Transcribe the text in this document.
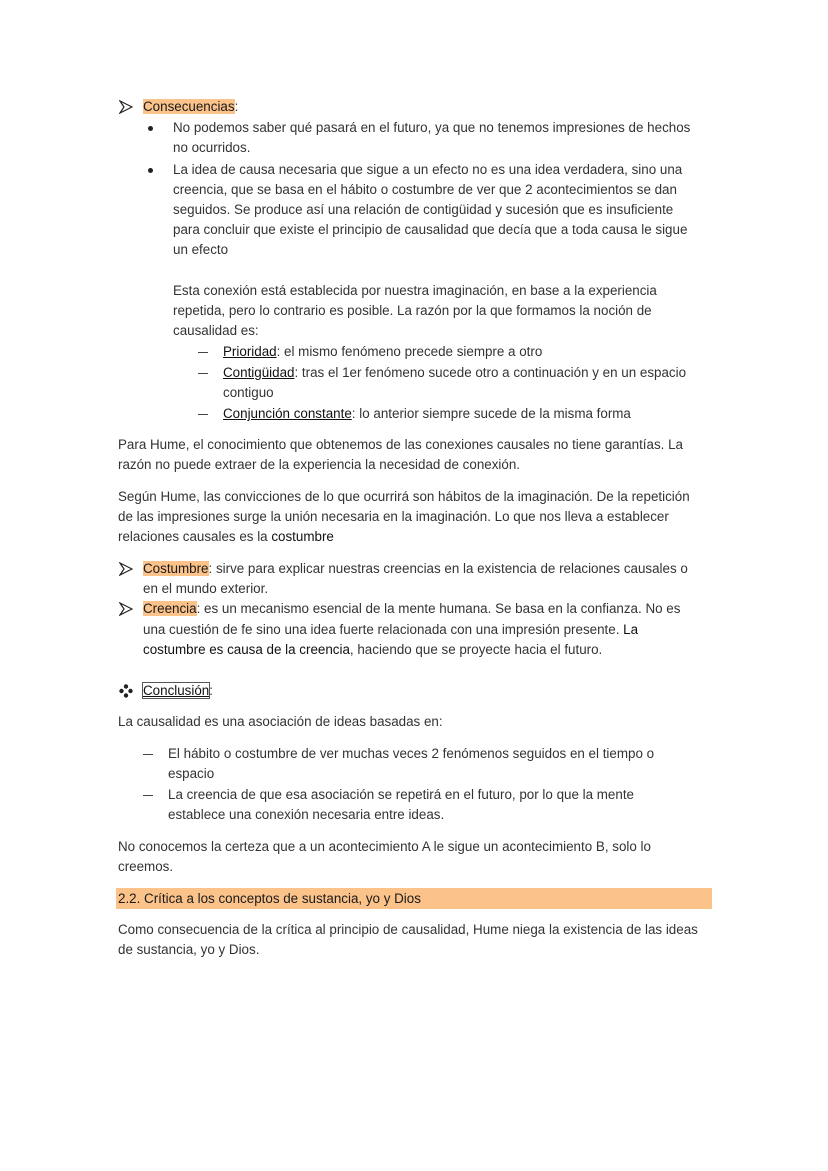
Consecuencias:
No podemos saber qué pasará en el futuro, ya que no tenemos impresiones de hechos
no ocurridos.
La idea de causa necesaria que sigue a un efecto no es una idea verdadera, sino una
creencia, que se basa en el hábito o costumbre de ver que 2 acontecimientos se dan
seguidos. Se produce así una relación de contigüidad y sucesión que es insuficiente
para concluir que existe el principio de causalidad que decía que a toda causa le sigue
un efecto
Esta conexión está establecida por nuestra imaginación, en base a la experiencia
repetida, pero lo contrario es posible. La razón por la que formamos la noción de
causalidad es:
Prioridad: el mismo fenómeno precede siempre a otro
Contigüidad: tras el 1er fenómeno sucede otro a continuación y en un espacio
contiguo
Conjunción constante: lo anterior siempre sucede de la misma forma
Para Hume, el conocimiento que obtenemos de las conexiones causales no tiene garantías. La
razón no puede extraer de la experiencia la necesidad de conexión.
Según Hume, las convicciones de lo que ocurrirá son hábitos de la imaginación. De la repetición
de las impresiones surge la unión necesaria en la imaginación. Lo que nos lleva a establecer
relaciones causales es la costumbre
Costumbre: sirve para explicar nuestras creencias en la existencia de relaciones causales o
en el mundo exterior.
Creencia: es un mecanismo esencial de la mente humana. Se basa en la confianza. No es
una cuestión de fe sino una idea fuerte relacionada con una impresión presente. La
costumbre es causa de la creencia, haciendo que se proyecte hacia el futuro.
Conclusión:
La causalidad es una asociación de ideas basadas en:
El hábito o costumbre de ver muchas veces 2 fenómenos seguidos en el tiempo o
espacio
La creencia de que esa asociación se repetirá en el futuro, por lo que la mente
establece una conexión necesaria entre ideas.
No conocemos la certeza que a un acontecimiento A le sigue un acontecimiento B, solo lo
creemos.
2.2. Crítica a los conceptos de sustancia, yo y Dios
Como consecuencia de la crítica al principio de causalidad, Hume niega la existencia de las ideas
de sustancia, yo y Dios.
